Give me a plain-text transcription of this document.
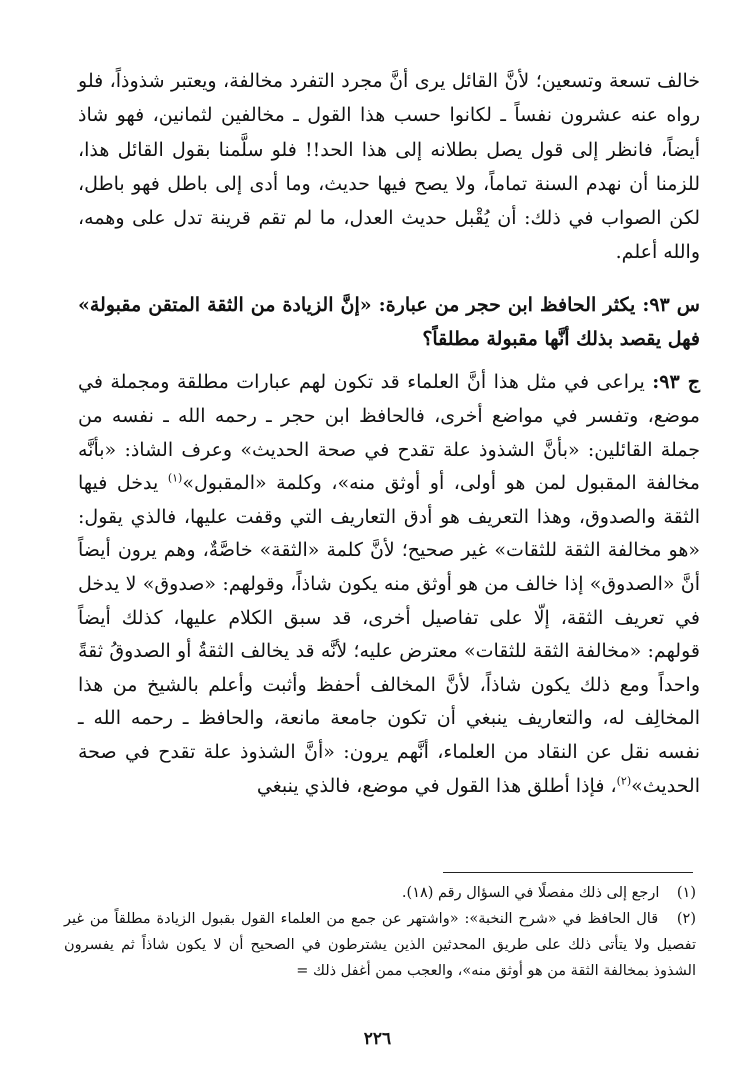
خالف تسعة وتسعين؛ لأنَّ القائل يرى أنَّ مجرد التفرد مخالفة، ويعتبر شذوذاً، فلو رواه عنه عشرون نفساً ـ لكانوا حسب هذا القول ـ مخالفين لثمانين، فهو شاذ أيضاً، فانظر إلى قول يصل بطلانه إلى هذا الحد!! فلو سلَّمنا بقول القائل هذا، للزمنا أن نهدم السنة تماماً، ولا يصح فيها حديث، وما أدى إلى باطل فهو باطل، لكن الصواب في ذلك: أن يُقْبل حديث العدل، ما لم تقم قرينة تدل على وهمه، والله أعلم.

س ٩٣: يكثر الحافظ ابن حجر من عبارة: «إنَّ الزيادة من الثقة المتقن مقبولة» فهل يقصد بذلك أنَّها مقبولة مطلقاً؟

ج ٩٣: يراعى في مثل هذا أنَّ العلماء قد تكون لهم عبارات مطلقة ومجملة في موضع، وتفسر في مواضع أخرى، فالحافظ ابن حجر ـ رحمه الله ـ نفسه من جملة القائلين: «بأنَّ الشذوذ علة تقدح في صحة الحديث» وعرف الشاذ: «بأنَّه مخالفة المقبول لمن هو أولى، أو أوثق منه»، وكلمة «المقبول»$^{(١)}$ يدخل فيها الثقة والصدوق، وهذا التعريف هو أدق التعاريف التي وقفت عليها، فالذي يقول: «هو مخالفة الثقة للثقات» غير صحيح؛ لأنَّ كلمة «الثقة» خاصَّةٌ، وهم يرون أيضاً أنَّ «الصدوق» إذا خالف من هو أوثق منه يكون شاذاً، وقولهم: «صدوق» لا يدخل في تعريف الثقة، إلّا على تفاصيل أخرى، قد سبق الكلام عليها، كذلك أيضاً قولهم: «مخالفة الثقة للثقات» معترض عليه؛ لأنَّه قد يخالف الثقةُ أو الصدوقُ ثقةً واحداً ومع ذلك يكون شاذاً، لأنَّ المخالف أحفظ وأثبت وأعلم بالشيخ من هذا المخالِف له، والتعاريف ينبغي أن تكون جامعة مانعة، والحافظ ـ رحمه الله ـ نفسه نقل عن النقاد من العلماء، أنَّهم يرون: «أنَّ الشذوذ علة تقدح في صحة الحديث»$^{(٢)}$، فإذا أطلق هذا القول في موضع، فالذي ينبغي

(١) ارجع إلى ذلك مفصلًا في السؤال رقم (١٨).

(٢) قال الحافظ في «شرح النخبة»: «واشتهر عن جمع من العلماء القول بقبول الزيادة مطلقاً من غير تفصيل ولا يتأتى ذلك على طريق المحدثين الذين يشترطون في الصحيح أن لا يكون شاذاً ثم يفسرون الشذوذ بمخالفة الثقة من هو أوثق منه»، والعجب ممن أغفل ذلك =

٢٢٦
